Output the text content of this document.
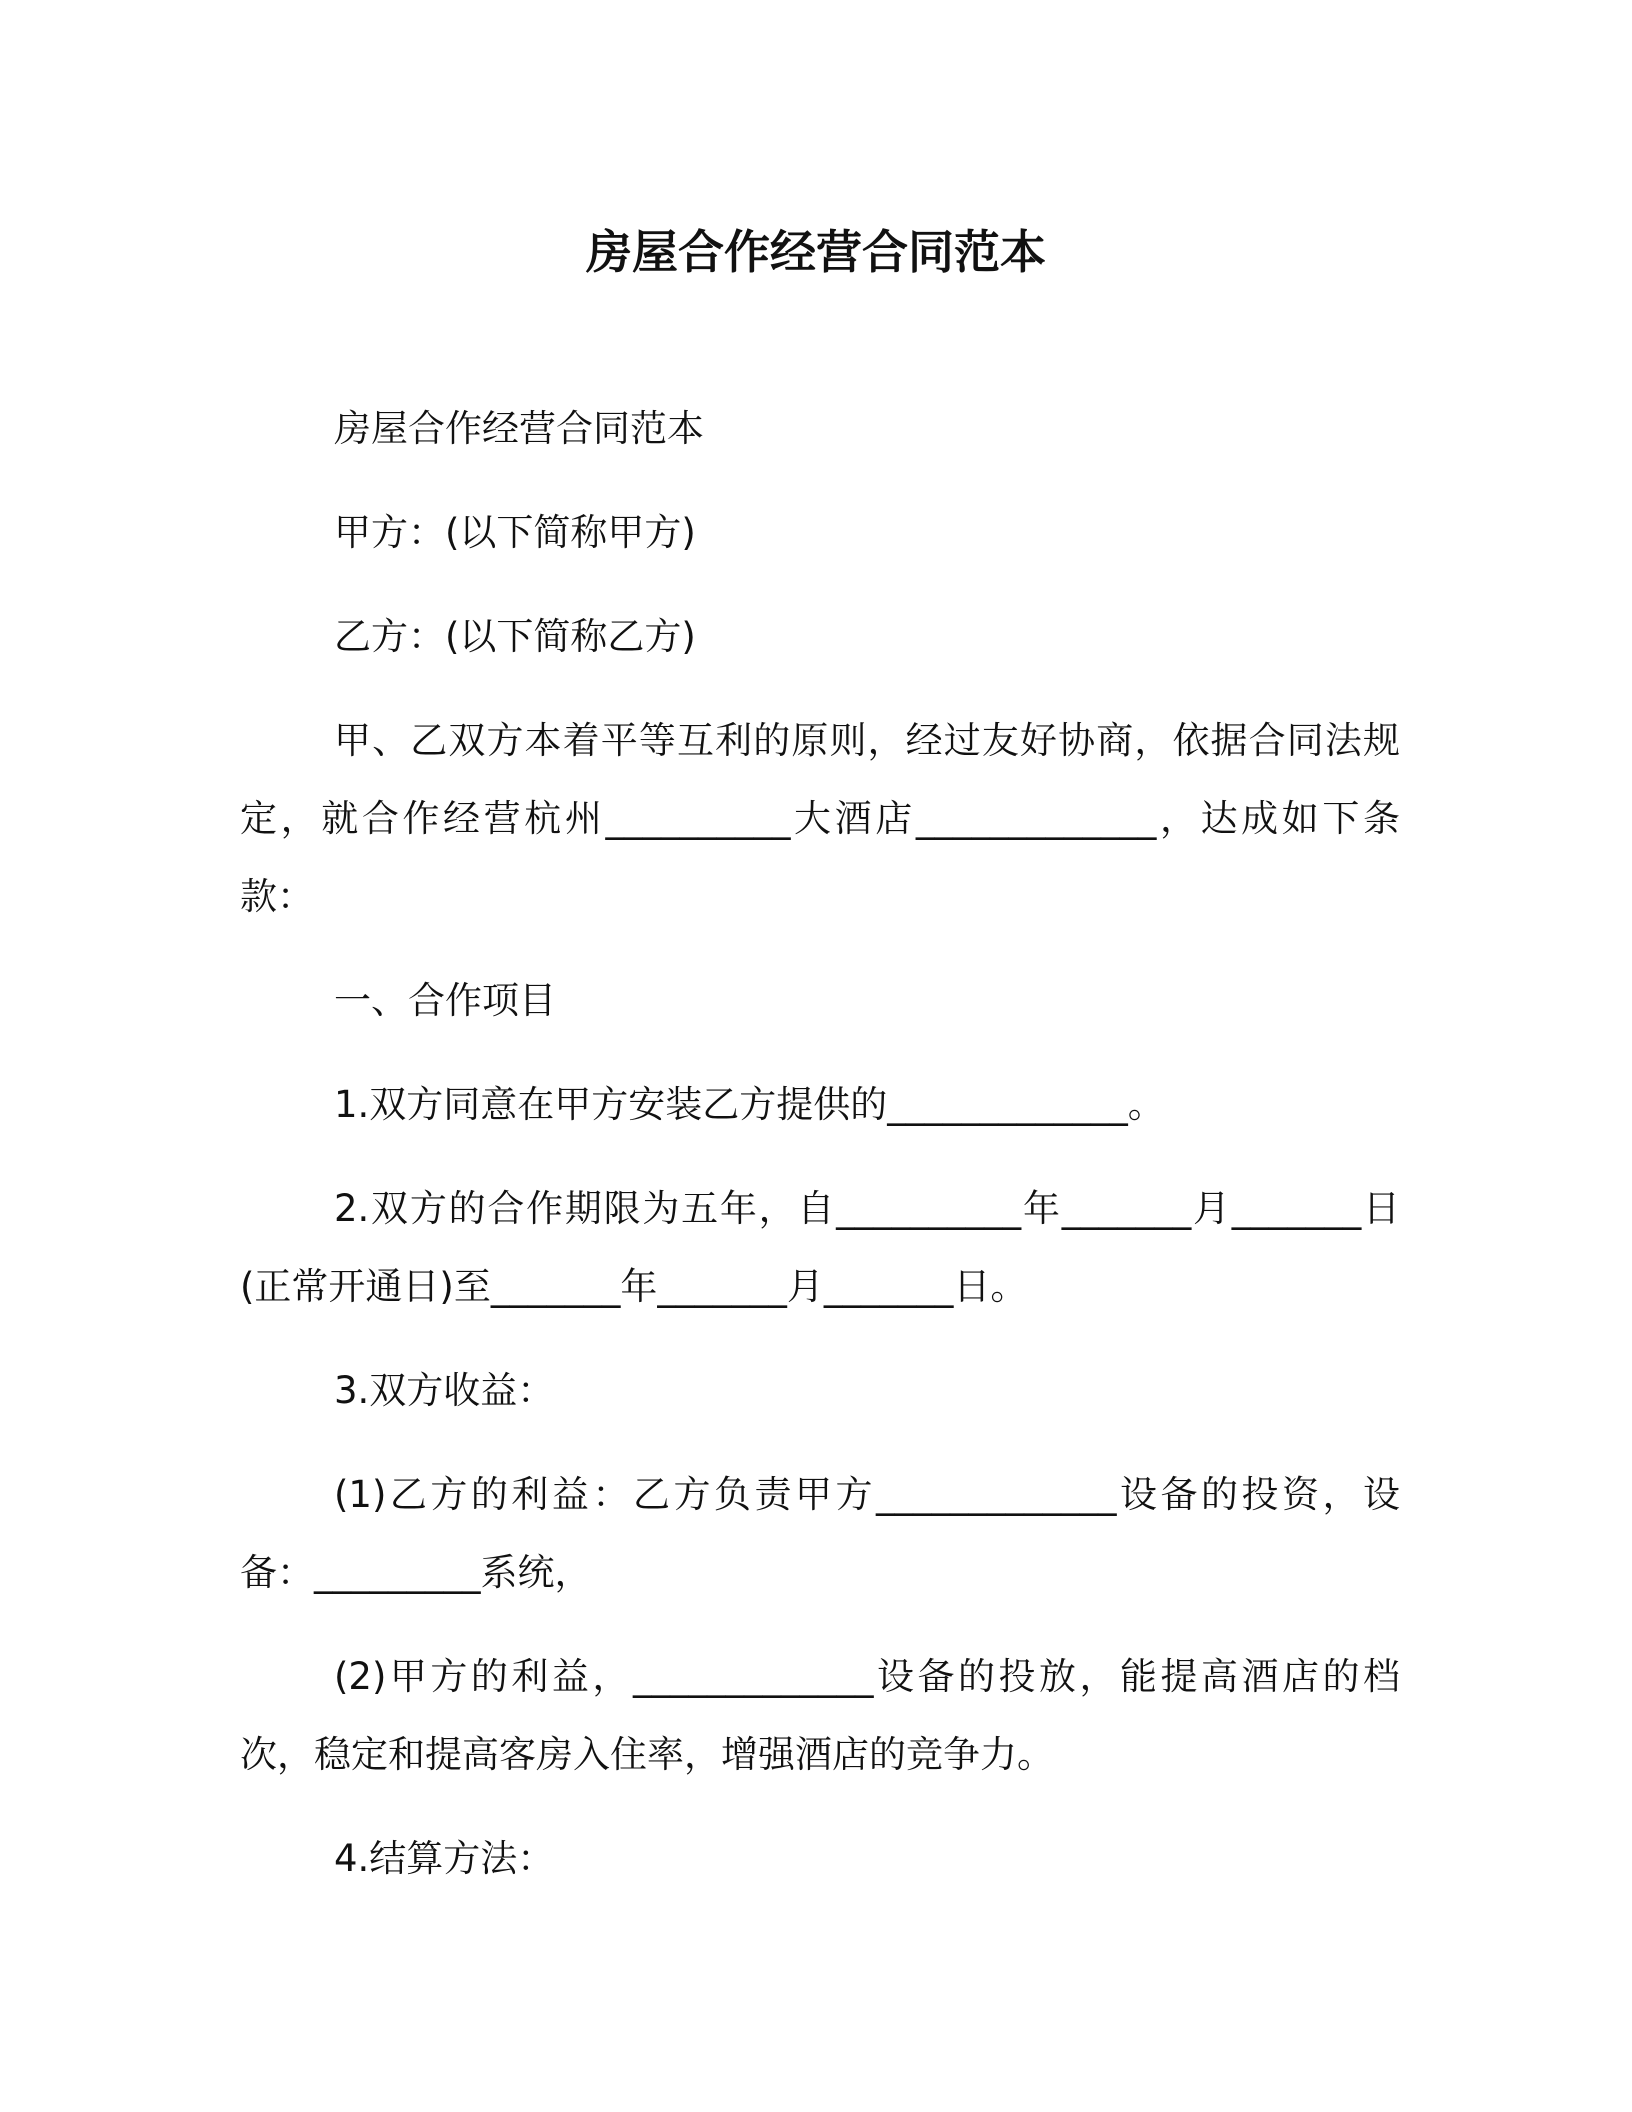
房屋合作经营合同范本

房屋合作经营合同范本

甲方：(以下简称甲方)

乙方：(以下简称乙方)

甲、乙双方本着平等互利的原则，经过友好协商，依据合同法规定，就合作经营杭州__________大酒店_____________，达成如下条款：

一、合作项目

1.双方同意在甲方安装乙方提供的_____________。

2.双方的合作期限为五年，自__________年_______月_______日(正常开通日)至_______年_______月_______日。

3.双方收益：

(1)乙方的利益：乙方负责甲方_____________设备的投资，设备：_________系统，

(2)甲方的利益，_____________设备的投放，能提高酒店的档次，稳定和提高客房入住率，增强酒店的竞争力。

4.结算方法：
